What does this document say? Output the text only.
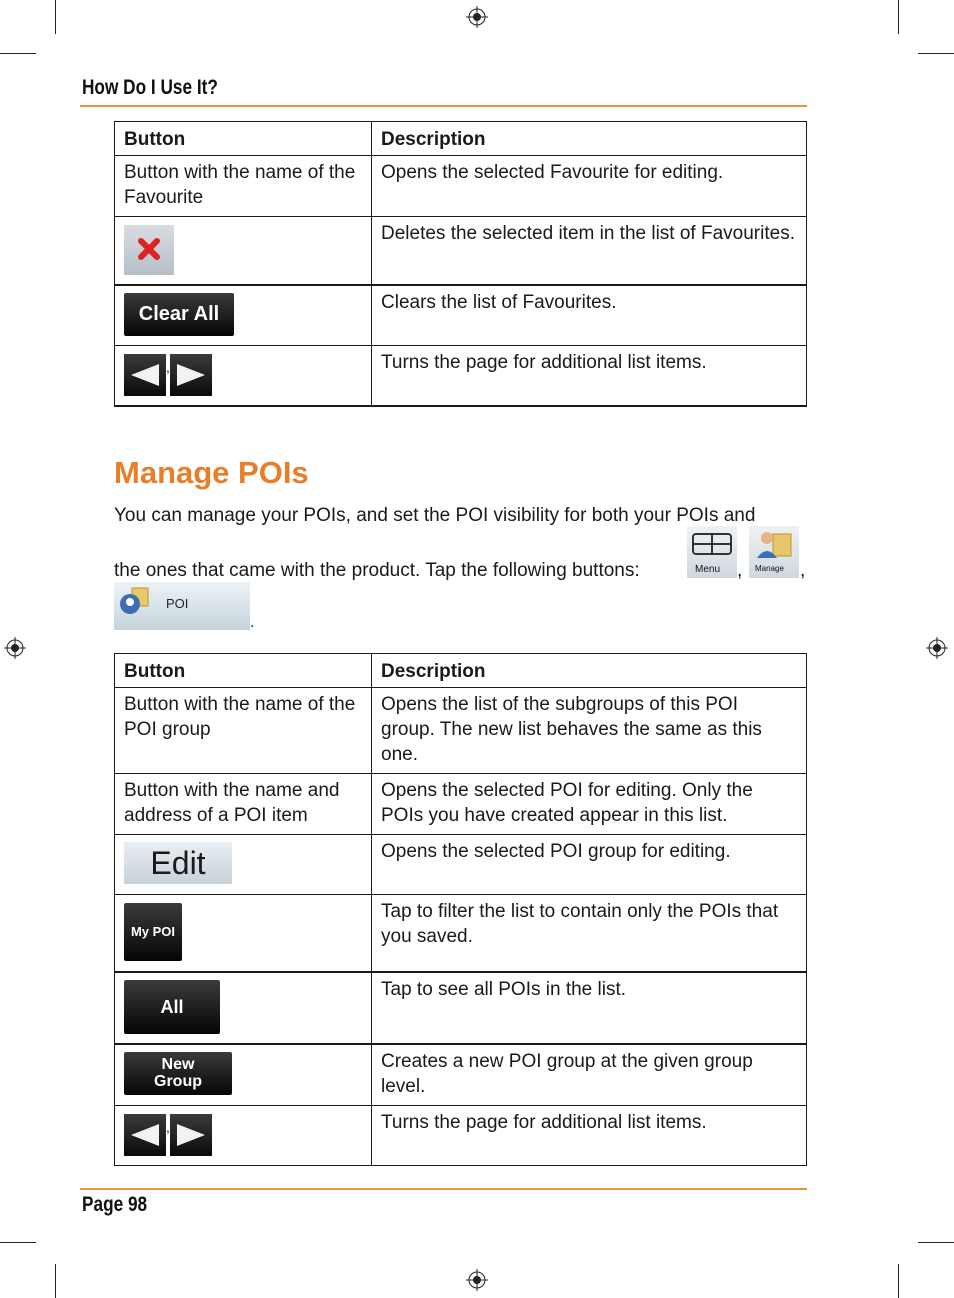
How Do I Use It?
Button	Description
Button with the name of the Favourite	Opens the selected Favourite for editing.
	Deletes the selected item in the list of Favourites.
Clear All	Clears the list of Favourites.

,	Turns the page for additional list items.
Manage POIs
You can manage your POIs, and set the POI visibility for both your POIs and
the ones that came with the product. Tap the following buttons:	Menu , Manage ,
POI
.
Button	Description
Button with the name of the POI group	Opens the list of the subgroups of this POI group. The new list behaves the same as this one.
Button with the name and address of a POI item	Opens the selected POI for editing. Only the POIs you have created appear in this list.
Edit	Opens the selected POI group for editing.
My POI	Tap to filter the list to contain only the POIs that you saved.
All	Tap to see all POIs in the list.
New
Group	Creates a new POI group at the given group level.

,	Turns the page for additional list items.
Page 98
